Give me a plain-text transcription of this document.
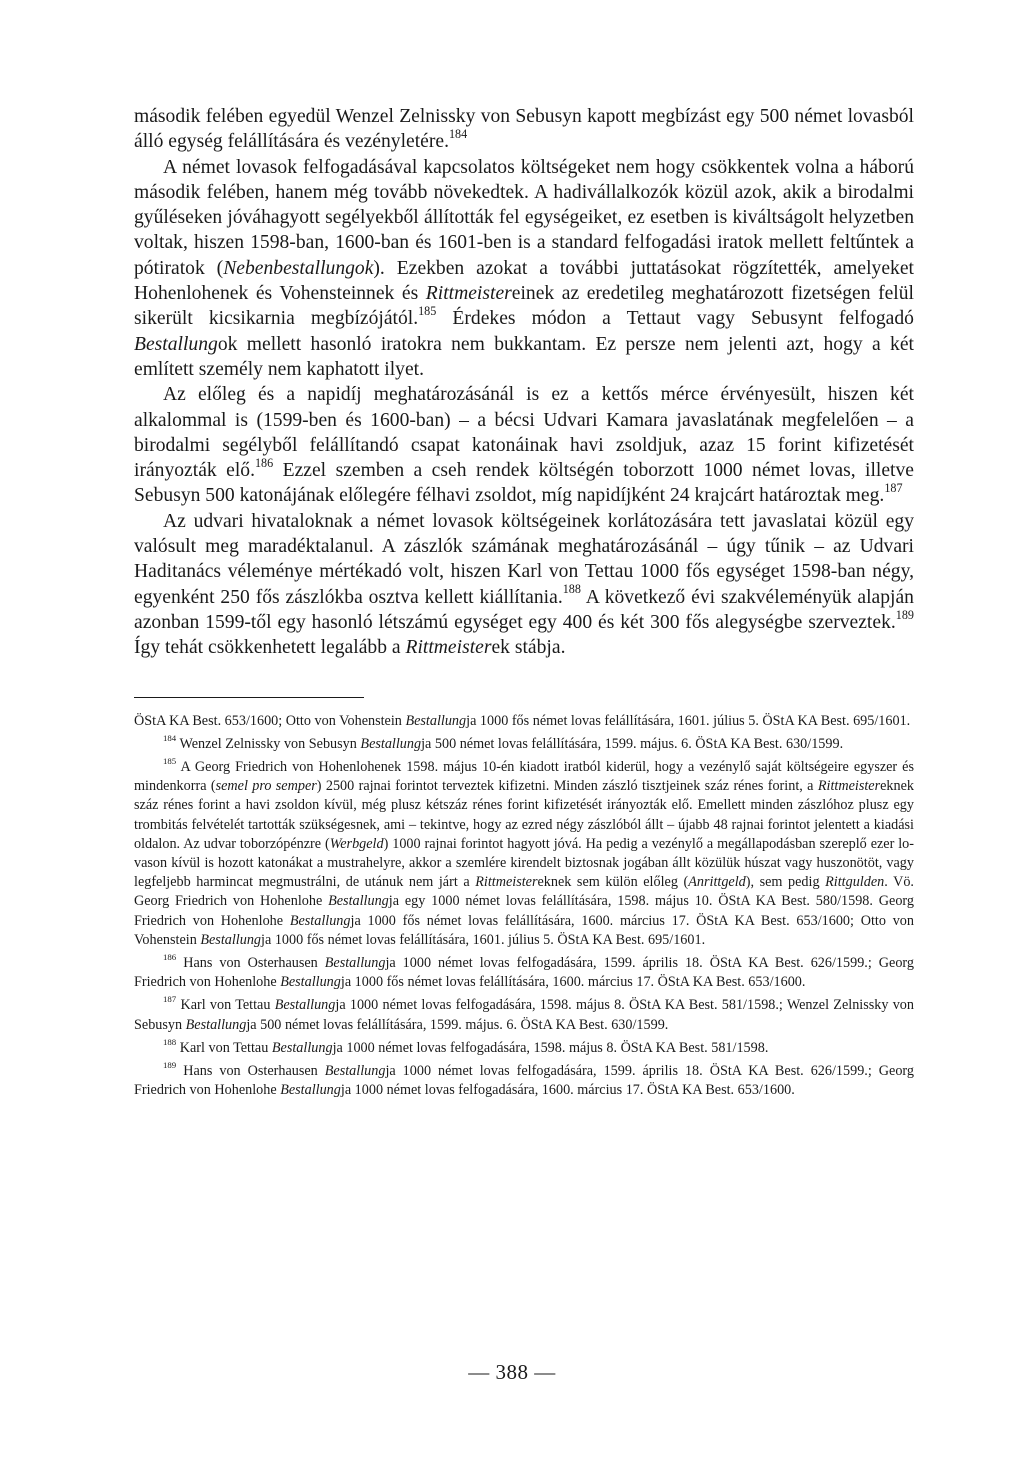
második felében egyedül Wenzel Zelnissky von Sebusyn kapott megbízást egy 500 német lovasból álló egység felállítására és vezényletére.$^{184}$

A német lovasok felfogadásával kapcsolatos költségeket nem hogy csökkentek volna a háború második felében, hanem még tovább növekedtek. A hadivállalkozók közül azok, akik a birodalmi gyűléseken jóváhagyott segélyekből állították fel egységeiket, ez esetben is kiváltságolt helyzetben voltak, hiszen 1598-ban, 1600-ban és 1601-ben is a standard felfogadási iratok mellett feltűntek a pótiratok (Nebenbestallungok). Ezekben azokat a további juttatásokat rögzítették, amelyeket Hohenlohenek és Vohensteinnek és Rittmeistereinek az eredetileg meghatározott fizetségen felül sikerült kicsikarnia megbízójától.$^{185}$ Érdekes módon a Tettaut vagy Sebusynt felfogadó Bestallungok mellett hasonló iratokra nem bukkantam. Ez persze nem jelenti azt, hogy a két említett személy nem kaphatott ilyet.

Az előleg és a napidíj meghatározásánál is ez a kettős mérce érvényesült, hiszen két alkalommal is (1599-ben és 1600-ban) – a bécsi Udvari Kamara javaslatának megfelelően – a birodalmi segélyből felállítandó csapat katonáinak havi zsoldjuk, azaz 15 forint kifizetését irányozták elő.$^{186}$ Ezzel szemben a cseh rendek költségén toborzott 1000 német lovas, illetve Sebusyn 500 katonájának előlegére félhavi zsoldot, míg napidíjként 24 krajcárt határoztak meg.$^{187}$

Az udvari hivataloknak a német lovasok költségeinek korlátozására tett javaslatai közül egy valósult meg maradéktalanul. A zászlók számának meghatározásánál – úgy tűnik – az Udvari Haditanács véleménye mértékadó volt, hiszen Karl von Tettau 1000 fős egységet 1598-ban négy, egyenként 250 fős zászlókba osztva kellett kiállítania.$^{188}$ A következő évi szakvéleményük alapján azonban 1599-től egy hasonló létszámú egységet egy 400 és két 300 fős alegységbe szerveztek.$^{189}$ Így tehát csökkenhetett legalább a Rittmeisterek stábja.

ÖStA KA Best. 653/1600; Otto von Vohenstein Bestallungja 1000 fős német lovas felállítására, 1601. július 5. ÖStA KA Best. 695/1601.

$^{184}$ Wenzel Zelnissky von Sebusyn Bestallungja 500 német lovas felállítására, 1599. május. 6. ÖStA KA Best. 630/1599.

$^{185}$ A Georg Friedrich von Hohenlohenek 1598. május 10-én kiadott iratból kiderül, hogy a vezénylő saját költségeire egyszer és mindenkorra (semel pro semper) 2500 rajnai forintot terveztek kifizetni. Minden zászló tisztjeinek száz rénes forint, a Rittmeistereknek száz rénes forint a havi zsoldon kívül, még plusz kétszáz rénes forint kifizetését irányozták elő. Emellett minden zászlóhoz plusz egy trombitás felvételét tartották szükségesnek, ami – tekintve, hogy az ezred négy zászlóból állt – újabb 48 rajnai forintot jelentett a kiadási oldalon. Az udvar toborzópénzre (Werbgeld) 1000 rajnai forintot hagyott jóvá. Ha pedig a vezénylő a megállapodásban szereplő ezer lovason kívül is hozott katonákat a mustrahelyre, akkor a szemlére kirendelt biztosnak jogában állt közülük húszat vagy huszonötöt, vagy legfeljebb harmincat megmustrálni, de utánuk nem járt a Rittmeistereknek sem külön előleg (Anrittgeld), sem pedig Rittgulden. Vö. Georg Friedrich von Hohenlohe Bestallungja egy 1000 német lovas felállítására, 1598. május 10. ÖStA KA Best. 580/1598. Georg Friedrich von Hohenlohe Bestallungja 1000 fős német lovas felállítására, 1600. március 17. ÖStA KA Best. 653/1600; Otto von Vohenstein Bestallungja 1000 fős német lovas felállítására, 1601. július 5. ÖStA KA Best. 695/1601.

$^{186}$ Hans von Osterhausen Bestallungja 1000 német lovas felfogadására, 1599. április 18. ÖStA KA Best. 626/1599.; Georg Friedrich von Hohenlohe Bestallungja 1000 fős német lovas felállítására, 1600. március 17. ÖStA KA Best. 653/1600.

$^{187}$ Karl von Tettau Bestallungja 1000 német lovas felfogadására, 1598. május 8. ÖStA KA Best. 581/1598.; Wenzel Zelnissky von Sebusyn Bestallungja 500 német lovas felállítására, 1599. május. 6. ÖStA KA Best. 630/1599.

$^{188}$ Karl von Tettau Bestallungja 1000 német lovas felfogadására, 1598. május 8. ÖStA KA Best. 581/1598.

$^{189}$ Hans von Osterhausen Bestallungja 1000 német lovas felfogadására, 1599. április 18. ÖStA KA Best. 626/1599.; Georg Friedrich von Hohenlohe Bestallungja 1000 német lovas felfogadására, 1600. március 17. ÖStA KA Best. 653/1600.

— 388 —
